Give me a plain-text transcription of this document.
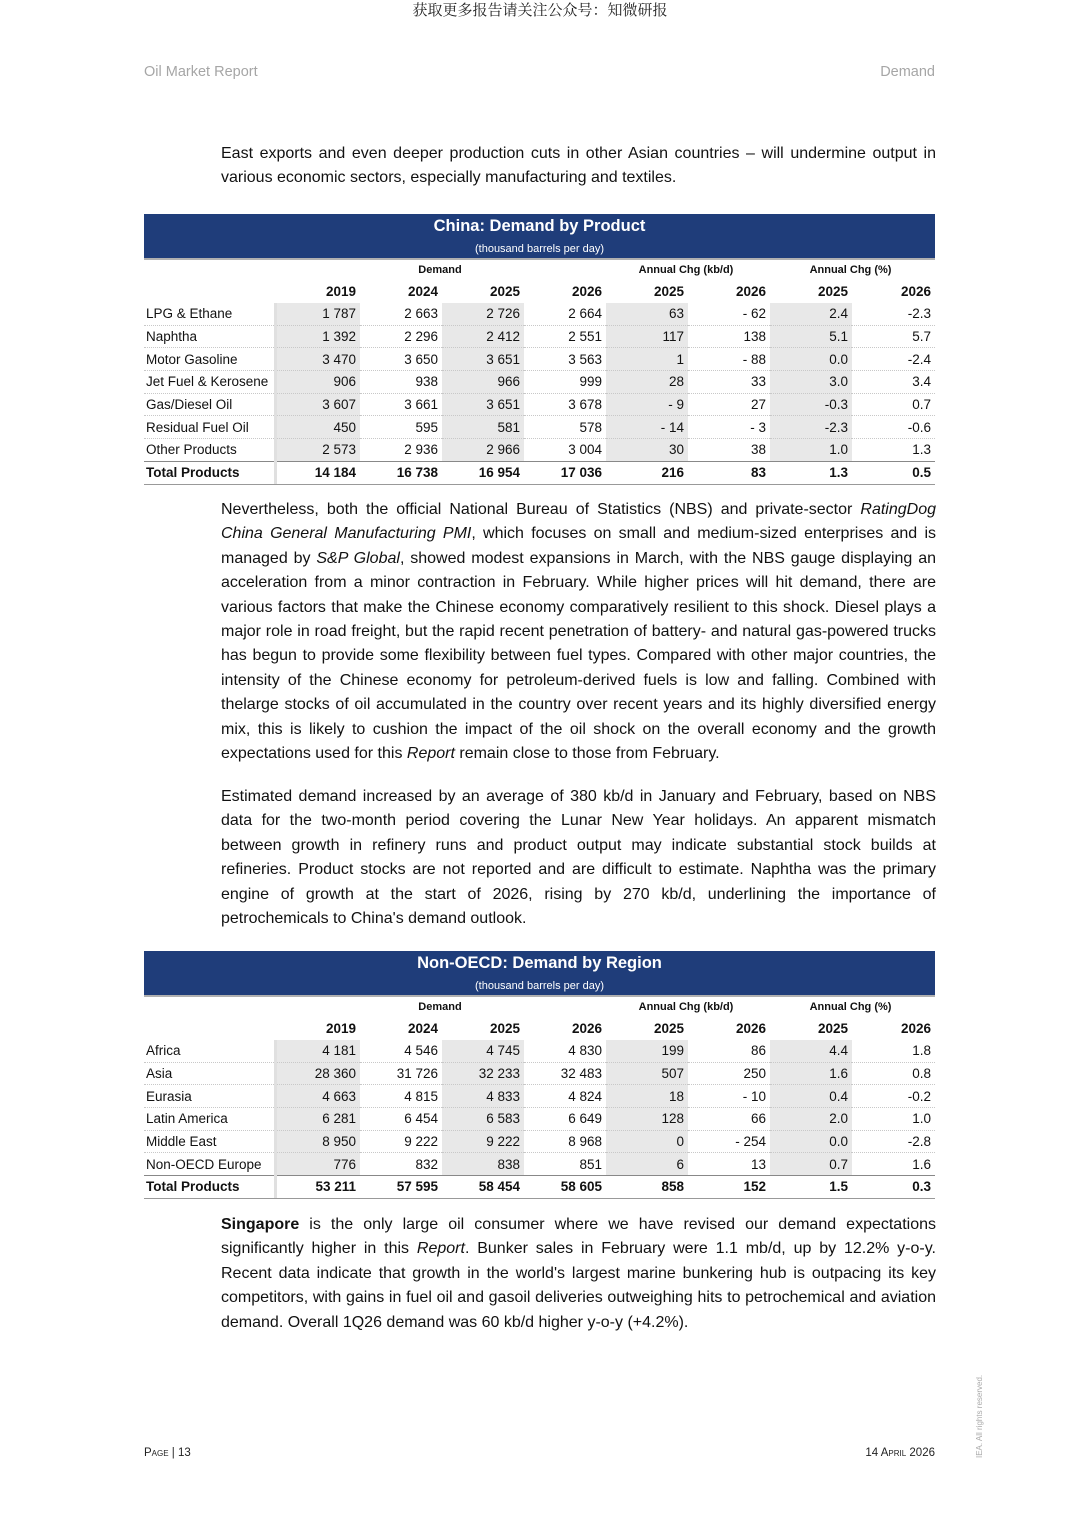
获取更多报告请关注公众号：知微研报
Oil Market Report	Demand

East exports and even deeper production cuts in other Asian countries – will undermine output in various economic sectors, especially manufacturing and textiles.

China: Demand by Product
(thousand barrels per day)
		Demand			Annual Chg (kb/d)		Annual Chg (%)	
	2019	2024	2025	2026	2025	2026	2025	2026
LPG & Ethane	1 787	2 663	2 726	2 664	63	- 62	2.4	-2.3
Naphtha	1 392	2 296	2 412	2 551	117	138	5.1	5.7
Motor Gasoline	3 470	3 650	3 651	3 563	1	- 88	0.0	-2.4
Jet Fuel & Kerosene	906	938	966	999	28	33	3.0	3.4
Gas/Diesel Oil	3 607	3 661	3 651	3 678	- 9	27	-0.3	0.7
Residual Fuel Oil	450	595	581	578	- 14	- 3	-2.3	-0.6
Other Products	2 573	2 936	2 966	3 004	30	38	1.0	1.3
Total Products	14 184	16 738	16 954	17 036	216	83	1.3	0.5
Nevertheless, both the official National Bureau of Statistics (NBS) and private-sector RatingDog China General Manufacturing PMI, which focuses on small and medium-sized enterprises and is managed by S&P Global, showed modest expansions in March, with the NBS gauge displaying an acceleration from a minor contraction in February. While higher prices will hit demand, there are various factors that make the Chinese economy comparatively resilient to this shock. Diesel plays a major role in road freight, but the rapid recent penetration of battery- and natural gas-powered trucks has begun to provide some flexibility between fuel types. Compared with other major countries, the intensity of the Chinese economy for petroleum-derived fuels is low and falling. Combined with thelarge stocks of oil accumulated in the country over recent years and its highly diversified energy mix, this is likely to cushion the impact of the oil shock on the overall economy and the growth expectations used for this Report remain close to those from February.

Estimated demand increased by an average of 380 kb/d in January and February, based on NBS data for the two-month period covering the Lunar New Year holidays. An apparent mismatch between growth in refinery runs and product output may indicate substantial stock builds at refineries. Product stocks are not reported and are difficult to estimate. Naphtha was the primary engine of growth at the start of 2026, rising by 270 kb/d, underlining the importance of petrochemicals to China's demand outlook.

Non-OECD: Demand by Region
(thousand barrels per day)
		Demand			Annual Chg (kb/d)		Annual Chg (%)	
	2019	2024	2025	2026	2025	2026	2025	2026
Africa	4 181	4 546	4 745	4 830	199	86	4.4	1.8
Asia	28 360	31 726	32 233	32 483	507	250	1.6	0.8
Eurasia	4 663	4 815	4 833	4 824	18	- 10	0.4	-0.2
Latin America	6 281	6 454	6 583	6 649	128	66	2.0	1.0
Middle East	8 950	9 222	9 222	8 968	0	- 254	0.0	-2.8
Non-OECD Europe	776	832	838	851	6	13	0.7	1.6
Total Products	53 211	57 595	58 454	58 605	858	152	1.5	0.3
Singapore is the only large oil consumer where we have revised our demand expectations significantly higher in this Report. Bunker sales in February were 1.1 mb/d, up by 12.2% y-o-y. Recent data indicate that growth in the world's largest marine bunkering hub is outpacing its key competitors, with gains in fuel oil and gasoil deliveries outweighing hits to petrochemical and aviation demand. Overall 1Q26 demand was 60 kb/d higher y-o-y (+4.2%).
Page | 13	14 April 2026	IEA. All rights reserved.
